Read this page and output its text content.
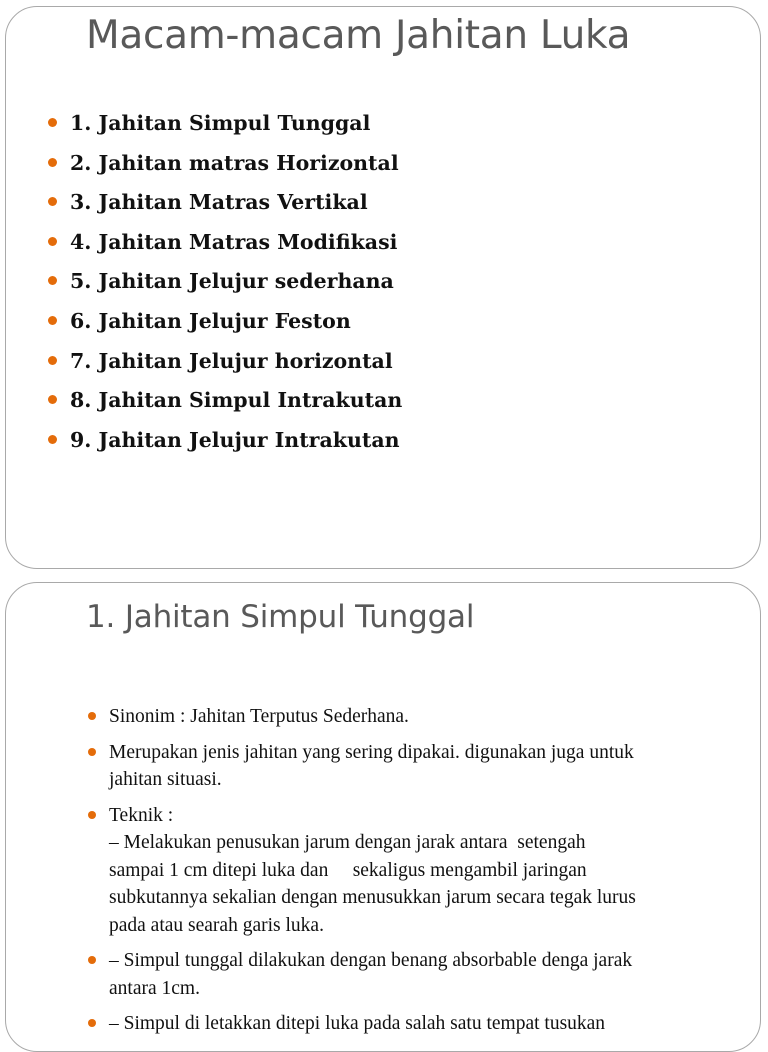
Macam-macam Jahitan Luka
1. Jahitan Simpul Tunggal
2. Jahitan matras Horizontal
3. Jahitan Matras Vertikal
4. Jahitan Matras Modifikasi
5. Jahitan Jelujur sederhana
6. Jahitan Jelujur Feston
7. Jahitan Jelujur horizontal
8. Jahitan Simpul Intrakutan
9. Jahitan Jelujur Intrakutan
1. Jahitan Simpul Tunggal
Sinonim : Jahitan Terputus Sederhana.
Merupakan jenis jahitan yang sering dipakai. digunakan juga untuk
jahitan situasi.
Teknik :
– Melakukan penusukan jarum dengan jarak antara  setengah
sampai 1 cm ditepi luka dan     sekaligus mengambil jaringan
subkutannya sekalian dengan menusukkan jarum secara tegak lurus
pada atau searah garis luka.
– Simpul tunggal dilakukan dengan benang absorbable denga jarak
antara 1cm.
– Simpul di letakkan ditepi luka pada salah satu tempat tusukan
